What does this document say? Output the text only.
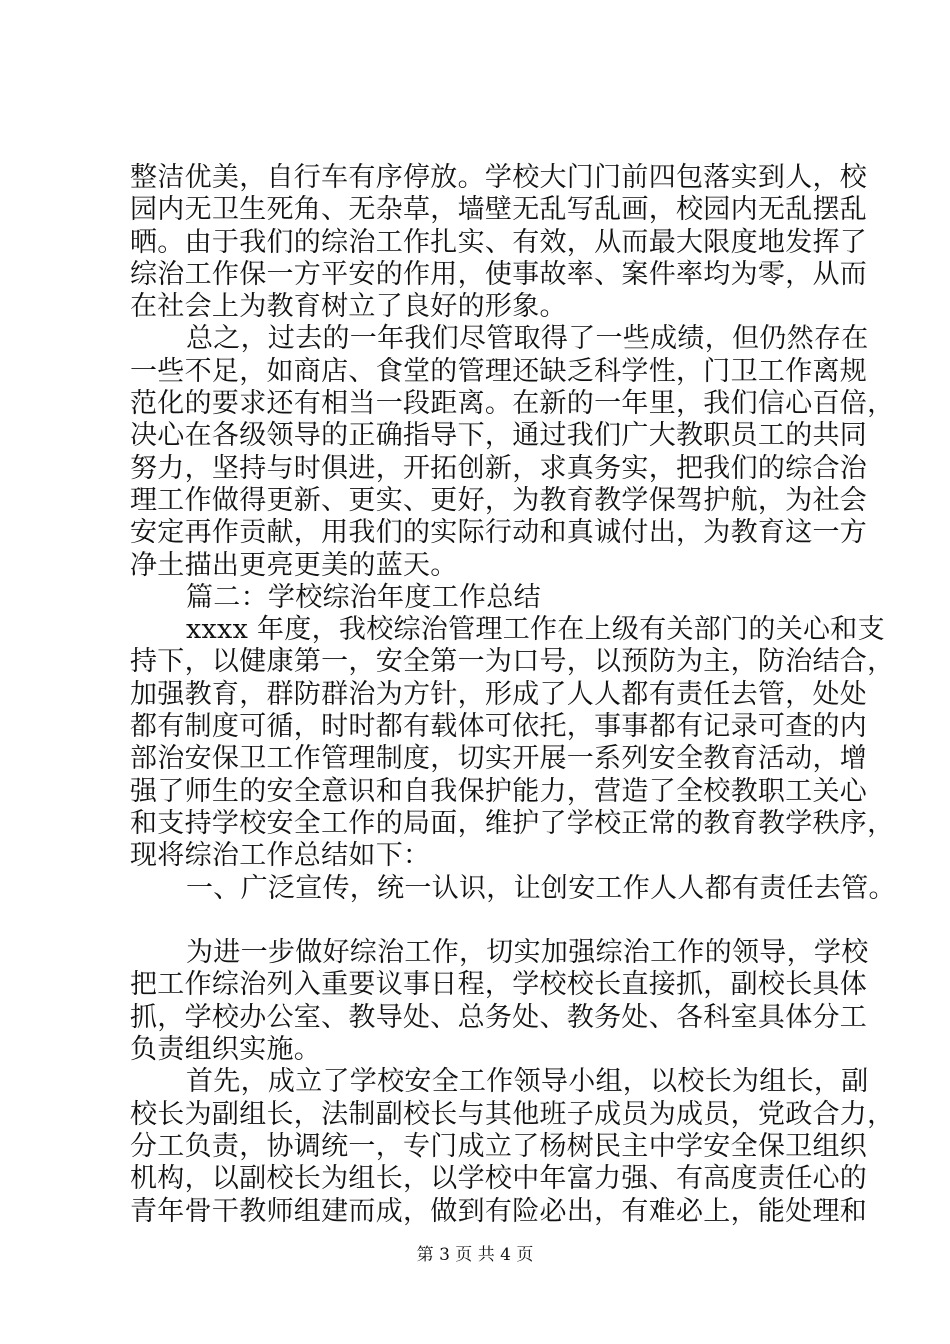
整洁优美，自行车有序停放。学校大门门前四包落实到人，校
园内无卫生死角、无杂草，墙壁无乱写乱画，校园内无乱摆乱
晒。由于我们的综治工作扎实、有效，从而最大限度地发挥了
综治工作保一方平安的作用，使事故率、案件率均为零，从而
在社会上为教育树立了良好的形象。
总之，过去的一年我们尽管取得了一些成绩，但仍然存在
一些不足，如商店、食堂的管理还缺乏科学性，门卫工作离规
范化的要求还有相当一段距离。在新的一年里，我们信心百倍，
决心在各级领导的正确指导下，通过我们广大教职员工的共同
努力，坚持与时俱进，开拓创新，求真务实，把我们的综合治
理工作做得更新、更实、更好，为教育教学保驾护航，为社会
安定再作贡献，用我们的实际行动和真诚付出，为教育这一方
净土描出更亮更美的蓝天。
篇二：学校综治年度工作总结
xxxx 年度，我校综治管理工作在上级有关部门的关心和支
持下，以健康第一，安全第一为口号，以预防为主，防治结合，
加强教育，群防群治为方针，形成了人人都有责任去管，处处
都有制度可循，时时都有载体可依托，事事都有记录可查的内
部治安保卫工作管理制度，切实开展一系列安全教育活动，增
强了师生的安全意识和自我保护能力，营造了全校教职工关心
和支持学校安全工作的局面，维护了学校正常的教育教学秩序，
现将综治工作总结如下：
一、广泛宣传，统一认识，让创安工作人人都有责任去管。
为进一步做好综治工作，切实加强综治工作的领导，学校
把工作综治列入重要议事日程，学校校长直接抓，副校长具体
抓，学校办公室、教导处、总务处、教务处、各科室具体分工
负责组织实施。
首先，成立了学校安全工作领导小组，以校长为组长，副
校长为副组长，法制副校长与其他班子成员为成员，党政合力，
分工负责，协调统一，专门成立了杨树民主中学安全保卫组织
机构，以副校长为组长，以学校中年富力强、有高度责任心的
青年骨干教师组建而成，做到有险必出，有难必上，能处理和
第 3 页 共 4 页
